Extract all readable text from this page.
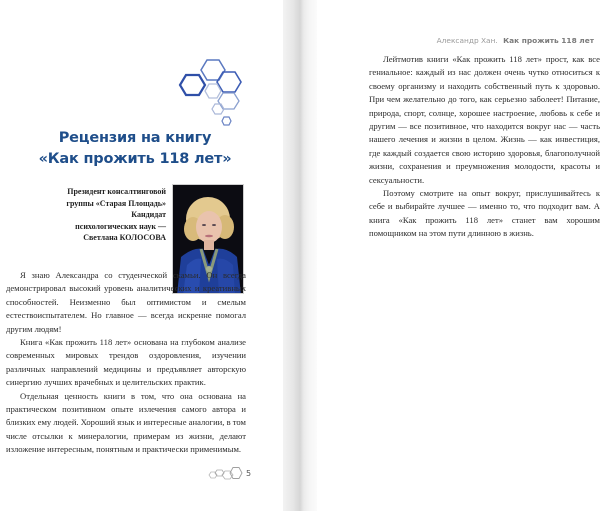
Рецензия на книгу
«Как прожить 118 лет»
Президент консалтинговой
группы «Старая Площадь»
Кандидат
психологических наук —
Светлана КОЛОСОВА

Я знаю Александра со студенческой скамьи. Он всегда демонстрировал высокий уровень аналитических и креативных способностей. Неизменно был оптимистом и смелым естествоиспытателем. Но главное — всегда искренне помогал другим людям!

Книга «Как прожить 118 лет» основана на глубоком анализе современных мировых трендов оздоровления, изучении различных направлений медицины и предъявляет авторскую синергию лучших врачебных и целительских практик.

Отдельная ценность книги в том, что она основана на практическом позитивном опыте излечения самого автора и близких ему людей. Хороший язык и интересные аналогии, в том числе отсылки к минералогии, примерам из жизни, делают изложение интересным, понятным и практически применимым.

5
Александр Хан. Как прожить 118 лет

Лейтмотив книги «Как прожить 118 лет» прост, как все гениальное: каждый из нас должен очень чутко относиться к своему организму и находить собственный путь к здоровью. При чем желательно до того, как серьезно заболеет! Питание, природа, спорт, солнце, хорошее настроение, любовь к себе и другим — все позитивное, что находится вокруг нас — часть нашего лечения и жизни в целом. Жизнь — как инвестиция, где каждый создается свою историю здоровья, благополучной жизни, сохранения и преумножения молодости, красоты и сексуальности.

Поэтому смотрите на опыт вокруг, прислушивайтесь к себе и выбирайте лучшее — именно то, что подходит вам. А книга «Как прожить 118 лет» станет вам хорошим помощником на этом пути длинною в жизнь.
